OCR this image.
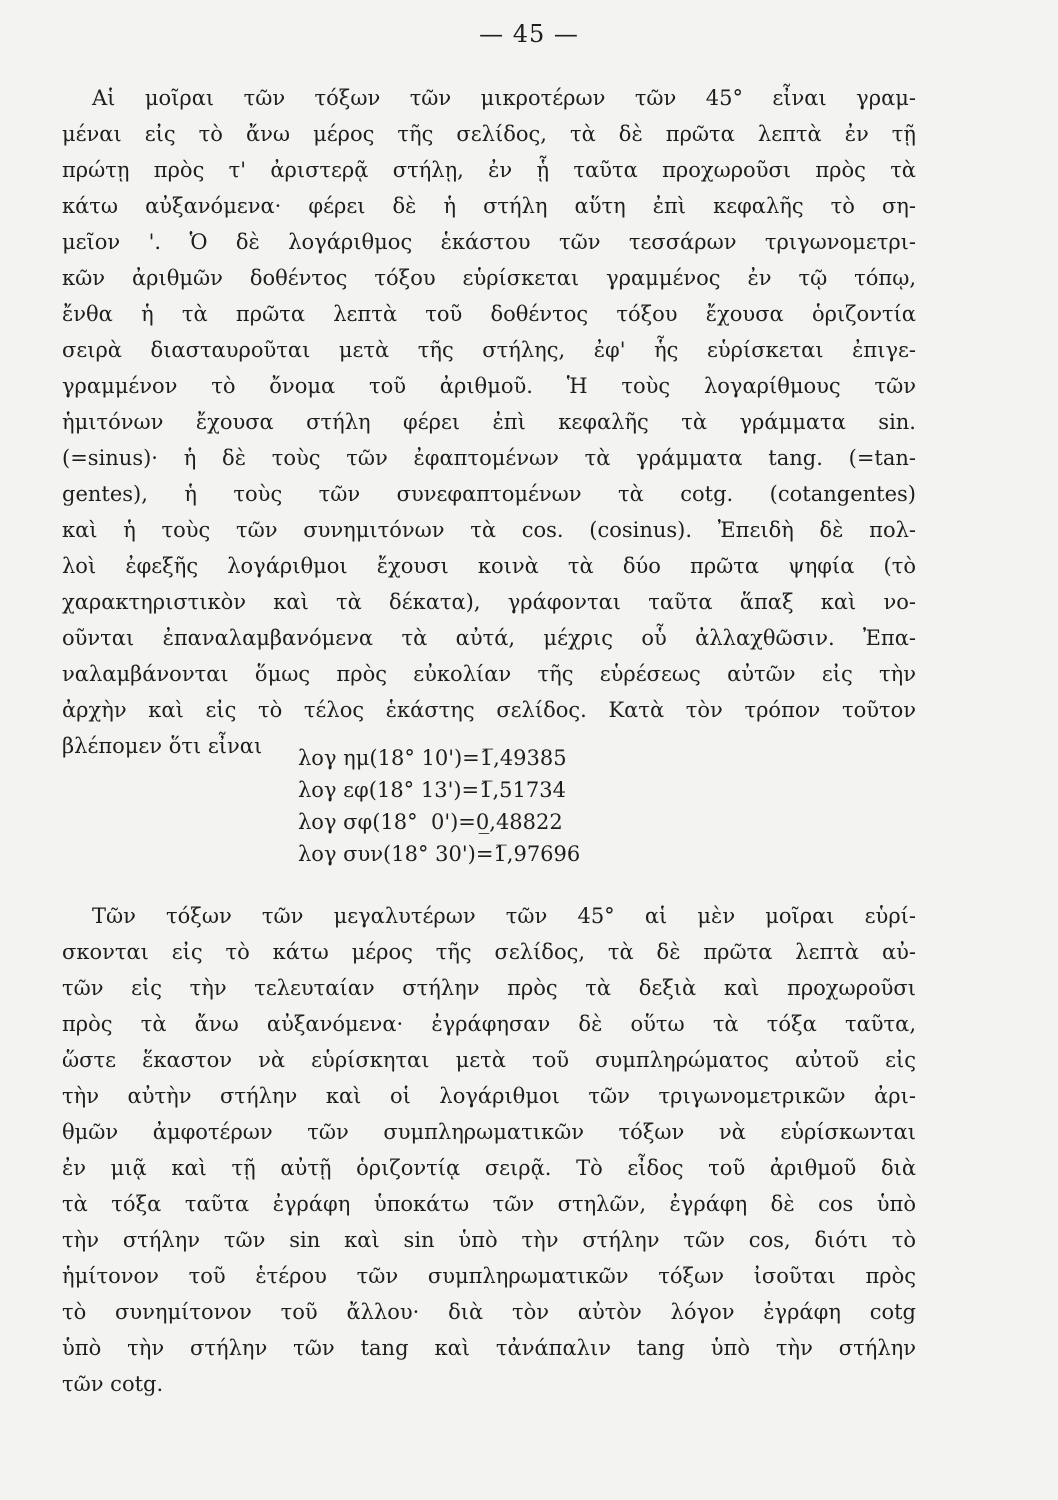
— 45 —
Αἱ μοῖραι τῶν τόξων τῶν μικροτέρων τῶν 45° εἶναι γραμ-
μέναι εἰς τὸ ἄνω μέρος τῆς σελίδος, τὰ δὲ πρῶτα λεπτὰ ἐν τῇ
πρώτῃ πρὸς τ' ἀριστερᾷ στήλῃ, ἐν ᾗ ταῦτα προχωροῦσι πρὸς τὰ
κάτω αὐξανόμενα· φέρει δὲ ἡ στήλη αὕτη ἐπὶ κεφαλῆς τὸ ση-
μεῖον '. Ὁ δὲ λογάριθμος ἑκάστου τῶν τεσσάρων τριγωνομετρι-
κῶν ἀριθμῶν δοθέντος τόξου εὑρίσκεται γραμμένος ἐν τῷ τόπῳ,
ἔνθα ἡ τὰ πρῶτα λεπτὰ τοῦ δοθέντος τόξου ἔχουσα ὁριζοντία
σειρὰ διασταυροῦται μετὰ τῆς στήλης, ἐφ' ἧς εὑρίσκεται ἐπιγε-
γραμμένον τὸ ὄνομα τοῦ ἀριθμοῦ. Ἡ τοὺς λογαρίθμους τῶν
ἡμιτόνων ἔχουσα στήλη φέρει ἐπὶ κεφαλῆς τὰ γράμματα sin.
(=sinus)· ἡ δὲ τοὺς τῶν ἐφαπτομένων τὰ γράμματα tang. (=tan-
gentes), ἡ τοὺς τῶν συνεφαπτομένων τὰ cotg. (cotangentes)
καὶ ἡ τοὺς τῶν συνημιτόνων τὰ cos. (cosinus). Ἐπειδὴ δὲ πολ-
λοὶ ἐφεξῆς λογάριθμοι ἔχουσι κοινὰ τὰ δύο πρῶτα ψηφία (τὸ
χαρακτηριστικὸν καὶ τὰ δέκατα), γράφονται ταῦτα ἅπαξ καὶ νο-
οῦνται ἐπαναλαμβανόμενα τὰ αὐτά, μέχρις οὗ ἀλλαχθῶσιν. Ἐπα-
ναλαμβάνονται ὅμως πρὸς εὐκολίαν τῆς εὑρέσεως αὐτῶν εἰς τὴν
ἀρχὴν καὶ εἰς τὸ τέλος ἑκάστης σελίδος. Κατὰ τὸν τρόπον τοῦτον
βλέπομεν ὅτι εἶναι	λογ ημ(18° 10')=1̅,49385
λογ εφ(18° 13')=1̅,51734
λογ σφ(18°  0')=0̲,48822
λογ συν(18° 30')=1̅,97696
Τῶν τόξων τῶν μεγαλυτέρων τῶν 45° αἱ μὲν μοῖραι εὑρί-
σκονται εἰς τὸ κάτω μέρος τῆς σελίδος, τὰ δὲ πρῶτα λεπτὰ αὐ-
τῶν εἰς τὴν τελευταίαν στήλην πρὸς τὰ δεξιὰ καὶ προχωροῦσι
πρὸς τὰ ἄνω αὐξανόμενα· ἐγράφησαν δὲ οὕτω τὰ τόξα ταῦτα,
ὥστε ἕκαστον νὰ εὑρίσκηται μετὰ τοῦ συμπληρώματος αὐτοῦ εἰς
τὴν αὐτὴν στήλην καὶ οἱ λογάριθμοι τῶν τριγωνομετρικῶν ἀρι-
θμῶν ἀμφοτέρων τῶν συμπληρωματικῶν τόξων νὰ εὑρίσκωνται
ἐν μιᾷ καὶ τῇ αὐτῇ ὁριζοντίᾳ σειρᾷ. Τὸ εἶδος τοῦ ἀριθμοῦ διὰ
τὰ τόξα ταῦτα ἐγράφη ὑποκάτω τῶν στηλῶν, ἐγράφη δὲ cos ὑπὸ
τὴν στήλην τῶν sin καὶ sin ὑπὸ τὴν στήλην τῶν cos, διότι τὸ
ἡμίτονον τοῦ ἑτέρου τῶν συμπληρωματικῶν τόξων ἰσοῦται πρὸς
τὸ συνημίτονον τοῦ ἄλλου· διὰ τὸν αὐτὸν λόγον ἐγράφη cotg
ὑπὸ τὴν στήλην τῶν tang καὶ τἀνάπαλιν tang ὑπὸ τὴν στήλην
τῶν cotg.
